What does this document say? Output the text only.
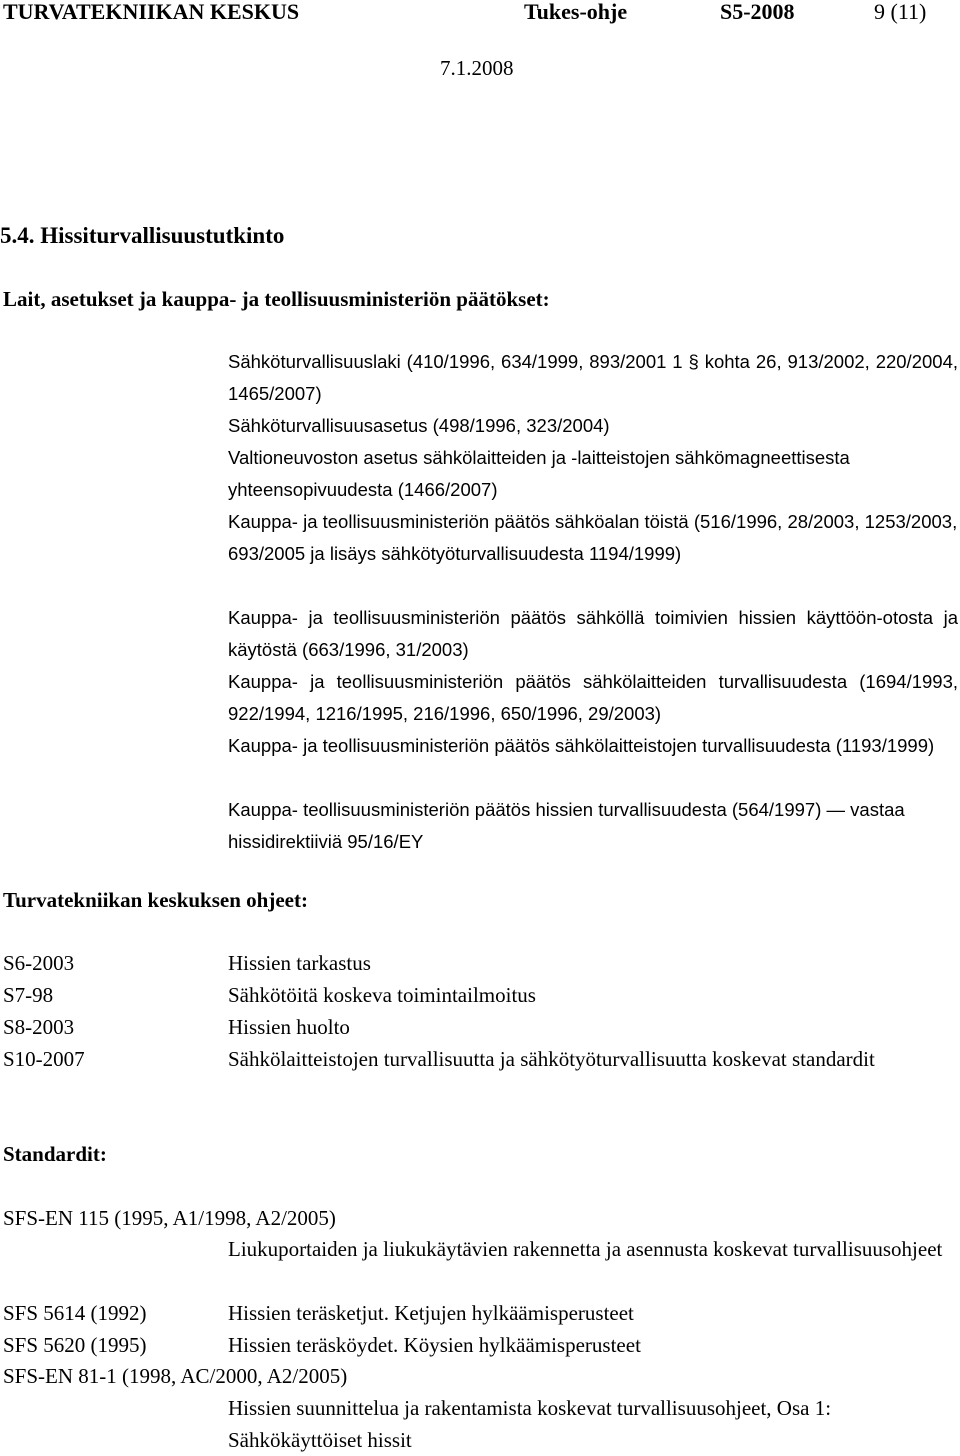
TURVATEKNIIKAN KESKUS	Tukes-ohje	S5-2008	9 (11)
7.1.2008
5.4. Hissiturvallisuustutkinto
Lait, asetukset ja kauppa- ja teollisuusministeriön päätökset:
Sähköturvallisuuslaki (410/1996, 634/1999, 893/2001 1 § kohta 26, 913/2002, 220/2004, 1465/2007)
Sähköturvallisuusasetus (498/1996, 323/2004)
Valtioneuvoston asetus sähkölaitteiden ja -laitteistojen sähkömagneettisesta yhteensopivuudesta (1466/2007)
Kauppa- ja teollisuusministeriön päätös sähköalan töistä (516/1996, 28/2003, 1253/2003, 693/2005 ja lisäys sähkötyöturvallisuudesta 1194/1999)
Kauppa- ja teollisuusministeriön päätös sähköllä toimivien hissien käyttöön-otosta ja käytöstä (663/1996, 31/2003)
Kauppa- ja teollisuusministeriön päätös sähkölaitteiden turvallisuudesta (1694/1993, 922/1994, 1216/1995, 216/1996, 650/1996, 29/2003)
Kauppa- ja teollisuusministeriön päätös sähkölaitteistojen turvallisuudesta (1193/1999)
Kauppa- teollisuusministeriön päätös hissien turvallisuudesta (564/1997) — vastaa hissidirektiiviä 95/16/EY
Turvatekniikan keskuksen ohjeet:
S6-2003	Hissien tarkastus
S7-98	Sähkötöitä koskeva toimintailmoitus
S8-2003	Hissien huolto
S10-2007	Sähkölaitteistojen turvallisuutta ja sähkötyöturvallisuutta koskevat standardit
Standardit:
SFS-EN 115 (1995, A1/1998, A2/2005)
Liukuportaiden ja liukukäytävien rakennetta ja asennusta koskevat turvallisuusohjeet
SFS 5614 (1992)	Hissien teräsketjut. Ketjujen hylkäämisperusteet
SFS 5620 (1995)	Hissien teräsköydet. Köysien hylkäämisperusteet
SFS-EN 81-1 (1998, AC/2000, A2/2005)
Hissien suunnittelua ja rakentamista koskevat turvallisuusohjeet, Osa 1: Sähkökäyttöiset hissit
